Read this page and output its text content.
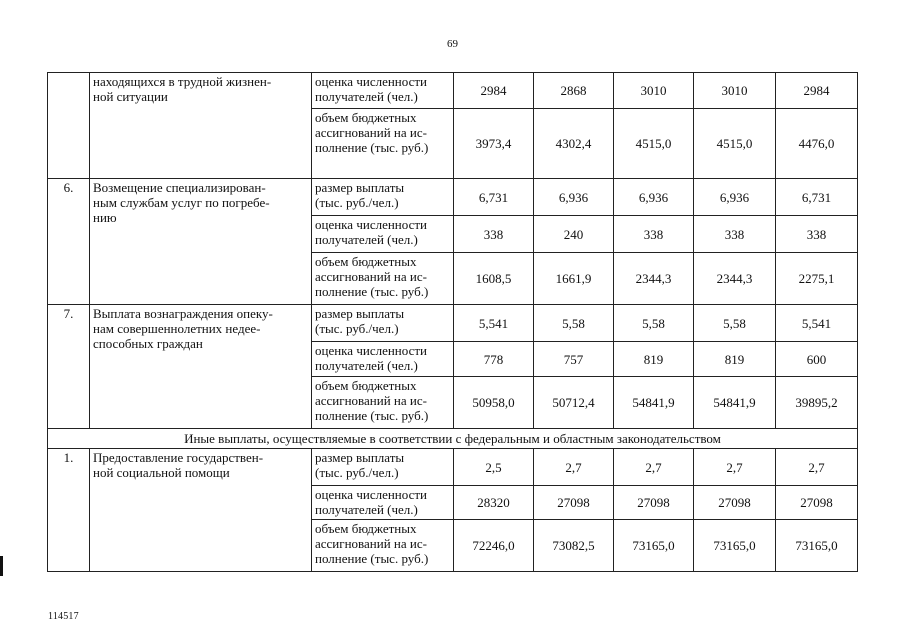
69
	находящихся в трудной жизнен-
ной ситуации	оценка численности
получателей (чел.)	2984	2868	3010	3010	2984
		объем бюджетных
ассигнований на ис-
полнение (тыс. руб.)	3973,4	4302,4	4515,0	4515,0	4476,0
6.	Возмещение специализирован-
ным службам услуг по погребе-
нию	размер выплаты
(тыс. руб./чел.)	6,731	6,936	6,936	6,936	6,731
		оценка численности
получателей (чел.)	338	240	338	338	338
		объем бюджетных
ассигнований на ис-
полнение (тыс. руб.)	1608,5	1661,9	2344,3	2344,3	2275,1
7.	Выплата вознаграждения опеку-
нам совершеннолетних недее-
способных граждан	размер выплаты
(тыс. руб./чел.)	5,541	5,58	5,58	5,58	5,541
		оценка численности
получателей (чел.)	778	757	819	819	600
		объем бюджетных
ассигнований на ис-
полнение (тыс. руб.)	50958,0	50712,4	54841,9	54841,9	39895,2
Иные выплаты, осуществляемые в соответствии с федеральным и областным законодательством							
1.	Предоставление государствен-
ной социальной помощи	размер выплаты
(тыс. руб./чел.)	2,5	2,7	2,7	2,7	2,7
		оценка численности
получателей (чел.)	28320	27098	27098	27098	27098
		объем бюджетных
ассигнований на ис-
полнение (тыс. руб.)	72246,0	73082,5	73165,0	73165,0	73165,0
114517
